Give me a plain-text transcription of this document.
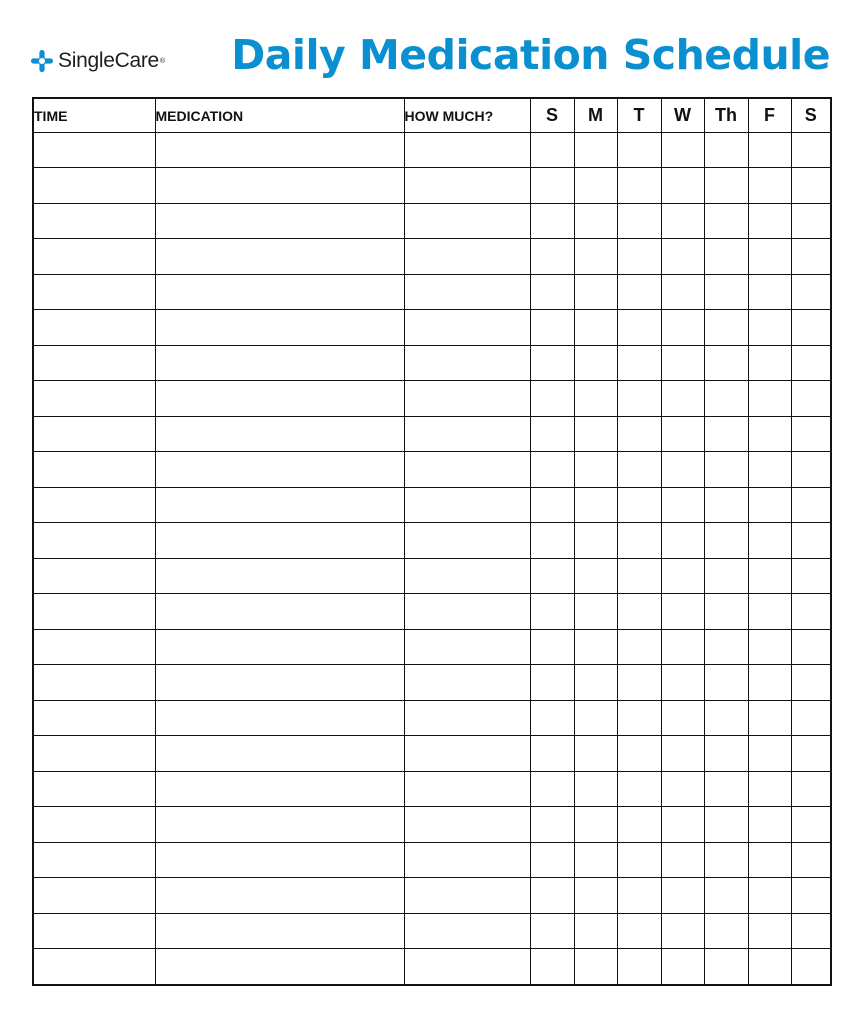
SingleCare ® Daily Medication Schedule
TIME	MEDICATION	HOW MUCH?	S	M	T	W	Th	F	S
